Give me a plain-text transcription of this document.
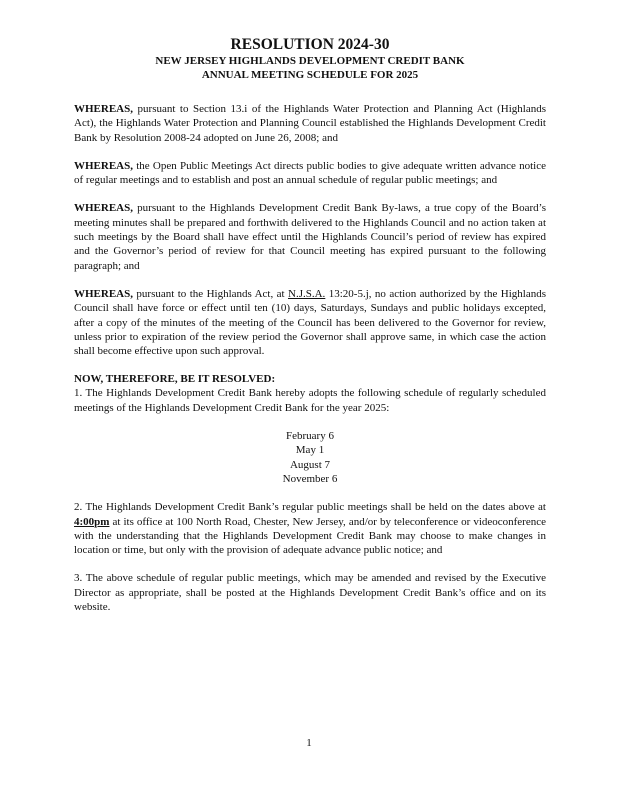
RESOLUTION 2024-30
NEW JERSEY HIGHLANDS DEVELOPMENT CREDIT BANK
ANNUAL MEETING SCHEDULE FOR 2025

WHEREAS, pursuant to Section 13.i of the Highlands Water Protection and Planning Act (Highlands Act), the Highlands Water Protection and Planning Council established the Highlands Development Credit Bank by Resolution 2008-24 adopted on June 26, 2008; and

WHEREAS, the Open Public Meetings Act directs public bodies to give adequate written advance notice of regular meetings and to establish and post an annual schedule of regular public meetings; and

WHEREAS, pursuant to the Highlands Development Credit Bank By-laws, a true copy of the Board’s meeting minutes shall be prepared and forthwith delivered to the Highlands Council and no action taken at such meetings by the Board shall have effect until the Highlands Council’s period of review has expired and the Governor’s period of review for that Council meeting has expired pursuant to the following paragraph; and

WHEREAS, pursuant to the Highlands Act, at N.J.S.A. 13:20-5.j, no action authorized by the Highlands Council shall have force or effect until ten (10) days, Saturdays, Sundays and public holidays excepted, after a copy of the minutes of the meeting of the Council has been delivered to the Governor for review, unless prior to expiration of the review period the Governor shall approve same, in which case the action shall become effective upon such approval.

NOW, THEREFORE, BE IT RESOLVED:

1. The Highlands Development Credit Bank hereby adopts the following schedule of regularly scheduled meetings of the Highlands Development Credit Bank for the year 2025:

February 6
May 1
August 7
November 6

2. The Highlands Development Credit Bank’s regular public meetings shall be held on the dates above at 4:00pm at its office at 100 North Road, Chester, New Jersey, and/or by teleconference or videoconference with the understanding that the Highlands Development Credit Bank may choose to make changes in location or time, but only with the provision of adequate advance public notice; and

3. The above schedule of regular public meetings, which may be amended and revised by the Executive Director as appropriate, shall be posted at the Highlands Development Credit Bank’s office and on its website.

1
